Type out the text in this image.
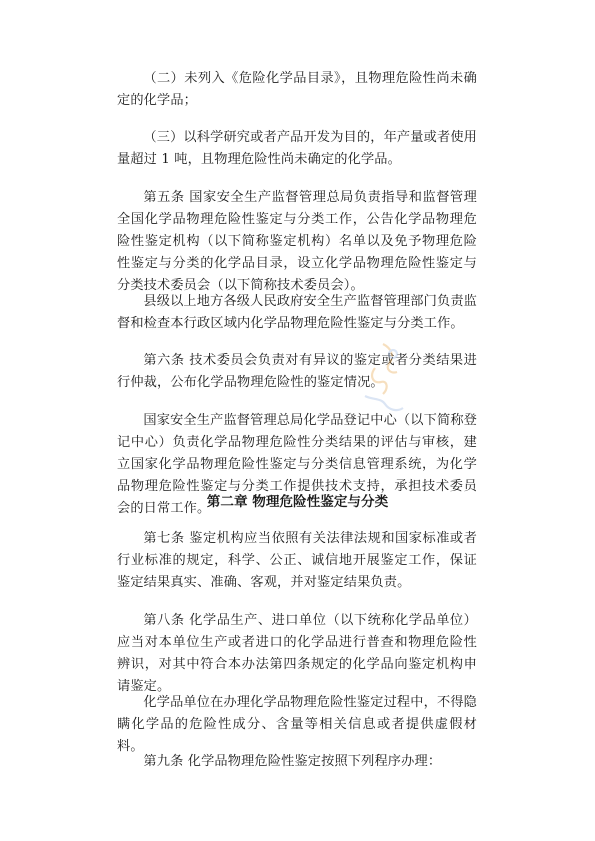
（二）未列入《危险化学品目录》，且物理危险性尚未确定的化学品；

（三）以科学研究或者产品开发为目的，年产量或者使用量超过 1 吨，且物理危险性尚未确定的化学品。

第五条 国家安全生产监督管理总局负责指导和监督管理全国化学品物理危险性鉴定与分类工作，公告化学品物理危险性鉴定机构（以下简称鉴定机构）名单以及免予物理危险性鉴定与分类的化学品目录，设立化学品物理危险性鉴定与分类技术委员会（以下简称技术委员会）。

县级以上地方各级人民政府安全生产监督管理部门负责监督和检查本行政区域内化学品物理危险性鉴定与分类工作。

第六条 技术委员会负责对有异议的鉴定或者分类结果进行仲裁，公布化学品物理危险性的鉴定情况。

国家安全生产监督管理总局化学品登记中心（以下简称登记中心）负责化学品物理危险性分类结果的评估与审核，建立国家化学品物理危险性鉴定与分类信息管理系统，为化学品物理危险性鉴定与分类工作提供技术支持，承担技术委员会的日常工作。

第二章 物理危险性鉴定与分类

第七条 鉴定机构应当依照有关法律法规和国家标准或者行业标准的规定，科学、公正、诚信地开展鉴定工作，保证鉴定结果真实、准确、客观，并对鉴定结果负责。

第八条 化学品生产、进口单位（以下统称化学品单位）应当对本单位生产或者进口的化学品进行普查和物理危险性辨识，对其中符合本办法第四条规定的化学品向鉴定机构申请鉴定。

化学品单位在办理化学品物理危险性鉴定过程中，不得隐瞒化学品的危险性成分、含量等相关信息或者提供虚假材料。

第九条 化学品物理危险性鉴定按照下列程序办理：
